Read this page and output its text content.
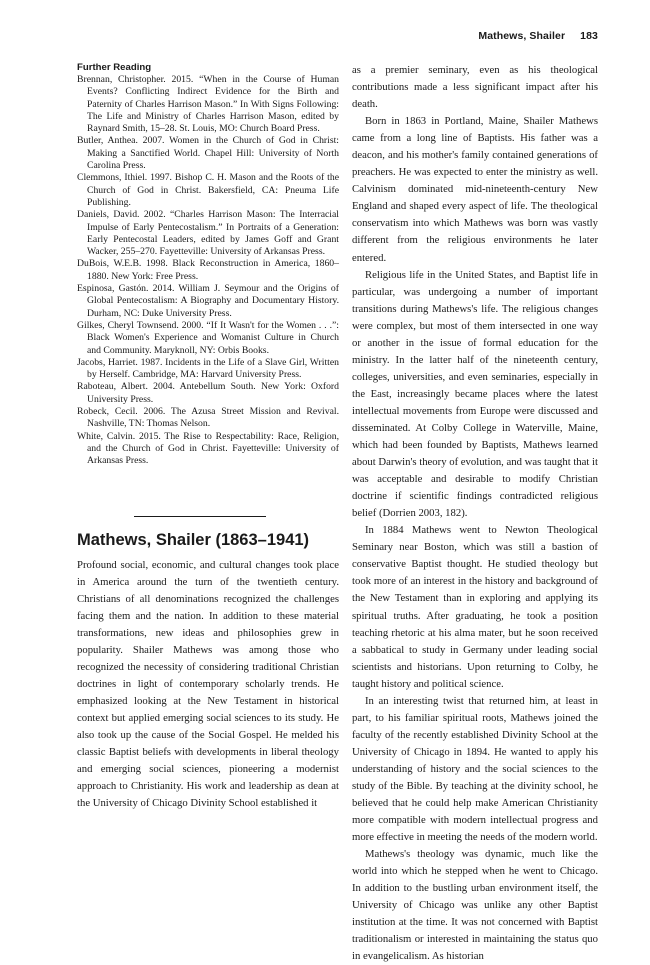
Mathews, Shailer 183
Further Reading

Brennan, Christopher. 2015. “When in the Course of Human Events? Conflicting Indirect Evidence for the Birth and Paternity of Charles Harrison Mason.” In With Signs Following: The Life and Ministry of Charles Harrison Mason, edited by Raynard Smith, 15–28. St. Louis, MO: Church Board Press.

Butler, Anthea. 2007. Women in the Church of God in Christ: Making a Sanctified World. Chapel Hill: University of North Carolina Press.

Clemmons, Ithiel. 1997. Bishop C. H. Mason and the Roots of the Church of God in Christ. Bakersfield, CA: Pneuma Life Publishing.

Daniels, David. 2002. “Charles Harrison Mason: The Interracial Impulse of Early Pentecostalism.” In Portraits of a Generation: Early Pentecostal Leaders, edited by James Goff and Grant Wacker, 255–270. Fayetteville: University of Arkansas Press.

DuBois, W.E.B. 1998. Black Reconstruction in America, 1860–1880. New York: Free Press.

Espinosa, Gastón. 2014. William J. Seymour and the Origins of Global Pentecostalism: A Biography and Documentary History. Durham, NC: Duke University Press.

Gilkes, Cheryl Townsend. 2000. “If It Wasn't for the Women . . .”: Black Women's Experience and Womanist Culture in Church and Community. Maryknoll, NY: Orbis Books.

Jacobs, Harriet. 1987. Incidents in the Life of a Slave Girl, Written by Herself. Cambridge, MA: Harvard University Press.

Raboteau, Albert. 2004. Antebellum South. New York: Oxford University Press.

Robeck, Cecil. 2006. The Azusa Street Mission and Revival. Nashville, TN: Thomas Nelson.

White, Calvin. 2015. The Rise to Respectability: Race, Religion, and the Church of God in Christ. Fayetteville: University of Arkansas Press.

Mathews, Shailer (1863–1941)

Profound social, economic, and cultural changes took place in America around the turn of the twentieth century. Christians of all denominations recognized the challenges facing them and the nation. In addition to these material transformations, new ideas and philosophies grew in popularity. Shailer Mathews was among those who recognized the necessity of considering traditional Christian doctrines in light of contemporary scholarly trends. He emphasized looking at the New Testament in historical context but applied emerging social sciences to its study. He also took up the cause of the Social Gospel. He melded his classic Baptist beliefs with developments in liberal theology and emerging social sciences, pioneering a modernist approach to Christianity. His work and leadership as dean at the University of Chicago Divinity School established it

as a premier seminary, even as his theological contributions made a less significant impact after his death.

Born in 1863 in Portland, Maine, Shailer Mathews came from a long line of Baptists. His father was a deacon, and his mother's family contained generations of preachers. He was expected to enter the ministry as well. Calvinism dominated mid-nineteenth-century New England and shaped every aspect of life. The theological conservatism into which Mathews was born was vastly different from the religious environments he later entered.

Religious life in the United States, and Baptist life in particular, was undergoing a number of important transitions during Mathews's life. The religious changes were complex, but most of them intersected in one way or another in the issue of formal education for the ministry. In the latter half of the nineteenth century, colleges, universities, and even seminaries, especially in the East, increasingly became places where the latest intellectual movements from Europe were discussed and disseminated. At Colby College in Waterville, Maine, which had been founded by Baptists, Mathews learned about Darwin's theory of evolution, and was taught that it was acceptable and desirable to modify Christian doctrine if scientific findings contradicted religious belief (Dorrien 2003, 182).

In 1884 Mathews went to Newton Theological Seminary near Boston, which was still a bastion of conservative Baptist thought. He studied theology but took more of an interest in the history and background of the New Testament than in exploring and applying its spiritual truths. After graduating, he took a position teaching rhetoric at his alma mater, but he soon received a sabbatical to study in Germany under leading social scientists and historians. Upon returning to Colby, he taught history and political science.

In an interesting twist that returned him, at least in part, to his familiar spiritual roots, Mathews joined the faculty of the recently established Divinity School at the University of Chicago in 1894. He wanted to apply his understanding of history and the social sciences to the study of the Bible. By teaching at the divinity school, he believed that he could help make American Christianity more compatible with modern intellectual progress and more effective in meeting the needs of the modern world.

Mathews's theology was dynamic, much like the world into which he stepped when he went to Chicago. In addition to the bustling urban environment itself, the University of Chicago was unlike any other Baptist institution at the time. It was not concerned with Baptist traditionalism or interested in maintaining the status quo in evangelicalism. As historian
